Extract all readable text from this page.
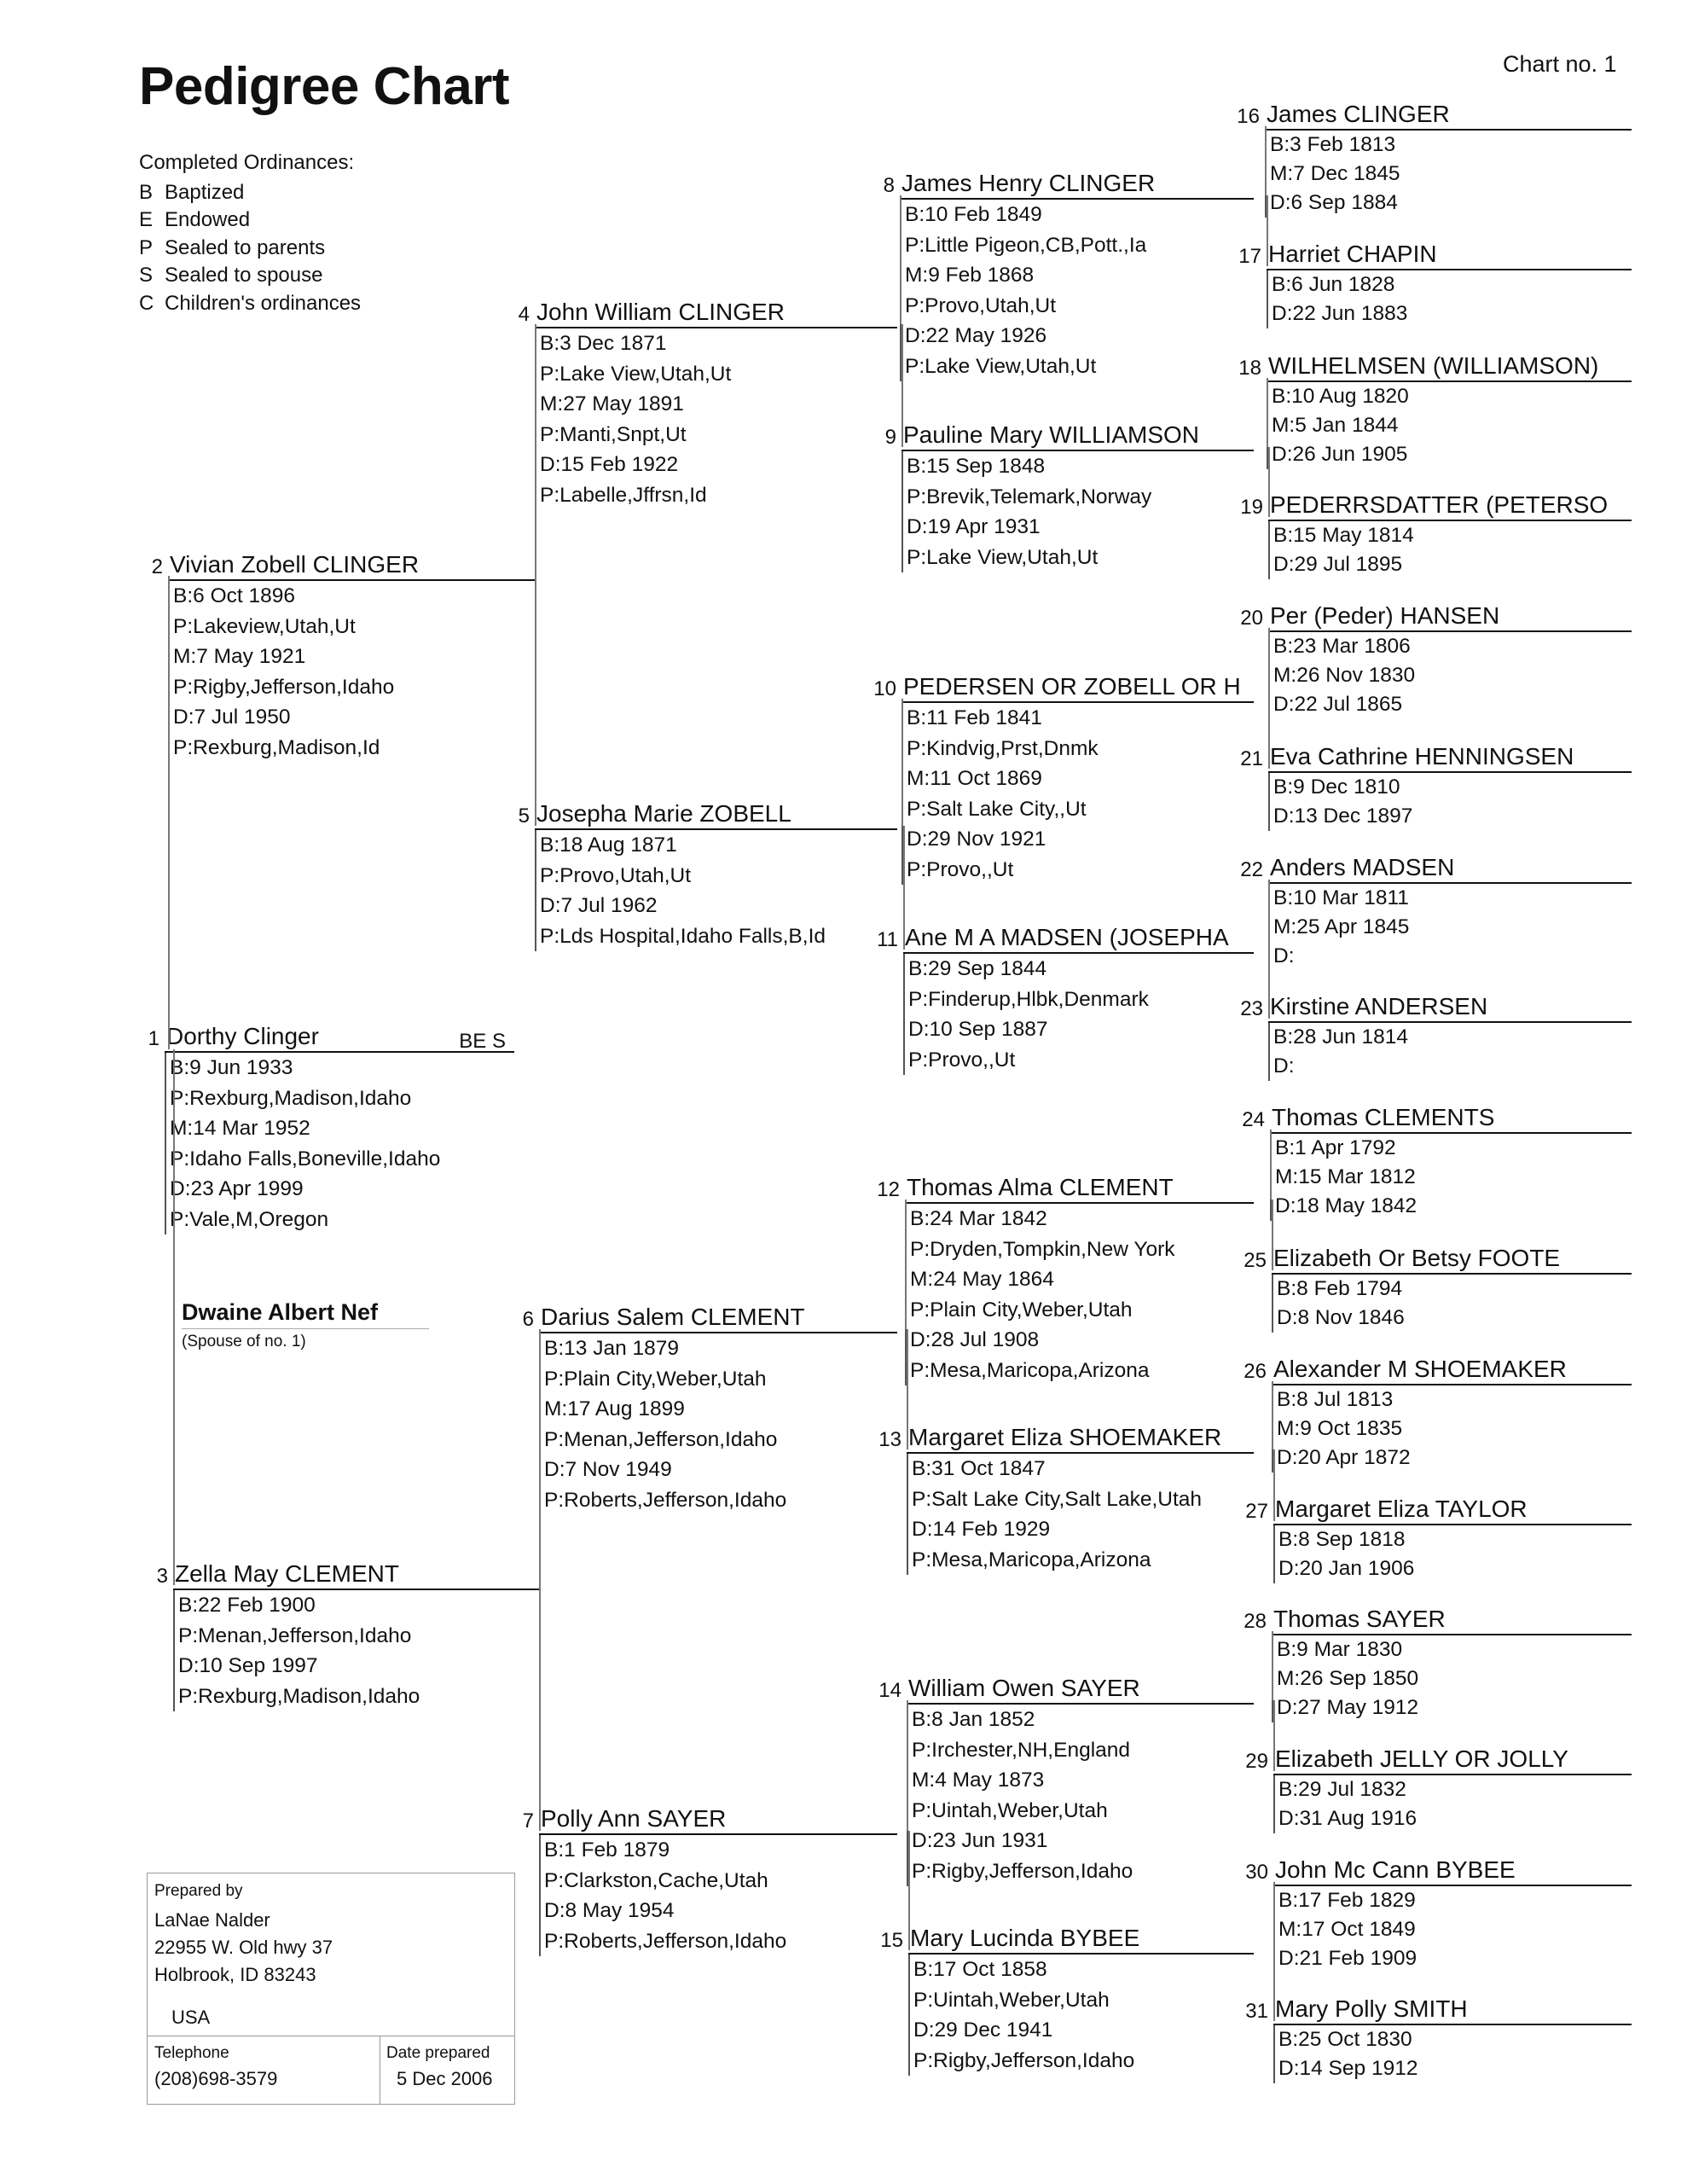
Pedigree Chart	Chart no. 1
Completed Ordinances:
B Baptized
E Endowed
P Sealed to parents
S Sealed to spouse
C Children's ordinances
1 Dorthy Clinger	BE S
B:9 Jun 1933
P:Rexburg,Madison,Idaho
M:14 Mar 1952
P:Idaho Falls,Boneville,Idaho
D:23 Apr 1999
P:Vale,M,Oregon
2 Vivian Zobell CLINGER
B:6 Oct 1896
P:Lakeview,Utah,Ut
M:7 May 1921
P:Rigby,Jefferson,Idaho
D:7 Jul 1950
P:Rexburg,Madison,Id
3 Zella May CLEMENT
B:22 Feb 1900
P:Menan,Jefferson,Idaho
D:10 Sep 1997
P:Rexburg,Madison,Idaho
4 John William CLINGER
B:3 Dec 1871
P:Lake View,Utah,Ut
M:27 May 1891
P:Manti,Snpt,Ut
D:15 Feb 1922
P:Labelle,Jffrsn,Id
5 Josepha Marie ZOBELL
B:18 Aug 1871
P:Provo,Utah,Ut
D:7 Jul 1962
P:Lds Hospital,Idaho Falls,B,Id
6 Darius Salem CLEMENT
B:13 Jan 1879
P:Plain City,Weber,Utah
M:17 Aug 1899
P:Menan,Jefferson,Idaho
D:7 Nov 1949
P:Roberts,Jefferson,Idaho
7 Polly Ann SAYER
B:1 Feb 1879
P:Clarkston,Cache,Utah
D:8 May 1954
P:Roberts,Jefferson,Idaho
8 James Henry CLINGER
B:10 Feb 1849
P:Little Pigeon,CB,Pott.,Ia
M:9 Feb 1868
P:Provo,Utah,Ut
D:22 May 1926
P:Lake View,Utah,Ut
9 Pauline Mary WILLIAMSON
B:15 Sep 1848
P:Brevik,Telemark,Norway
D:19 Apr 1931
P:Lake View,Utah,Ut
10 PEDERSEN OR ZOBELL OR H
B:11 Feb 1841
P:Kindvig,Prst,Dnmk
M:11 Oct 1869
P:Salt Lake City,,Ut
D:29 Nov 1921
P:Provo,,Ut
11 Ane M A MADSEN (JOSEPHA
B:29 Sep 1844
P:Finderup,Hlbk,Denmark
D:10 Sep 1887
P:Provo,,Ut
12 Thomas Alma CLEMENT
B:24 Mar 1842
P:Dryden,Tompkin,New York
M:24 May 1864
P:Plain City,Weber,Utah
D:28 Jul 1908
P:Mesa,Maricopa,Arizona
13 Margaret Eliza SHOEMAKER
B:31 Oct 1847
P:Salt Lake City,Salt Lake,Utah
D:14 Feb 1929
P:Mesa,Maricopa,Arizona
14 William Owen SAYER
B:8 Jan 1852
P:Irchester,NH,England
M:4 May 1873
P:Uintah,Weber,Utah
D:23 Jun 1931
P:Rigby,Jefferson,Idaho
15 Mary Lucinda BYBEE
B:17 Oct 1858
P:Uintah,Weber,Utah
D:29 Dec 1941
P:Rigby,Jefferson,Idaho
16 James CLINGER
B:3 Feb 1813
M:7 Dec 1845
D:6 Sep 1884
17 Harriet CHAPIN
B:6 Jun 1828
D:22 Jun 1883
18 WILHELMSEN (WILLIAMSON)
B:10 Aug 1820
M:5 Jan 1844
D:26 Jun 1905
19 PEDERRSDATTER (PETERSO
B:15 May 1814
D:29 Jul 1895
20 Per (Peder) HANSEN
B:23 Mar 1806
M:26 Nov 1830
D:22 Jul 1865
21 Eva Cathrine HENNINGSEN
B:9 Dec 1810
D:13 Dec 1897
22 Anders MADSEN
B:10 Mar 1811
M:25 Apr 1845
D:
23 Kirstine ANDERSEN
B:28 Jun 1814
D:
24 Thomas CLEMENTS
B:1 Apr 1792
M:15 Mar 1812
D:18 May 1842
25 Elizabeth Or Betsy FOOTE
B:8 Feb 1794
D:8 Nov 1846
26 Alexander M SHOEMAKER
B:8 Jul 1813
M:9 Oct 1835
D:20 Apr 1872
27 Margaret Eliza TAYLOR
B:8 Sep 1818
D:20 Jan 1906
28 Thomas SAYER
B:9 Mar 1830
M:26 Sep 1850
D:27 May 1912
29 Elizabeth JELLY OR JOLLY
B:29 Jul 1832
D:31 Aug 1916
30 John Mc Cann BYBEE
B:17 Feb 1829
M:17 Oct 1849
D:21 Feb 1909
31 Mary Polly SMITH
B:25 Oct 1830
D:14 Sep 1912
Dwaine Albert Nef
(Spouse of no. 1)
Prepared by
LaNae Nalder
22955 W. Old hwy 37
Holbrook, ID 83243
USA
Telephone
(208)698-3579
Date prepared
5 Dec 2006
